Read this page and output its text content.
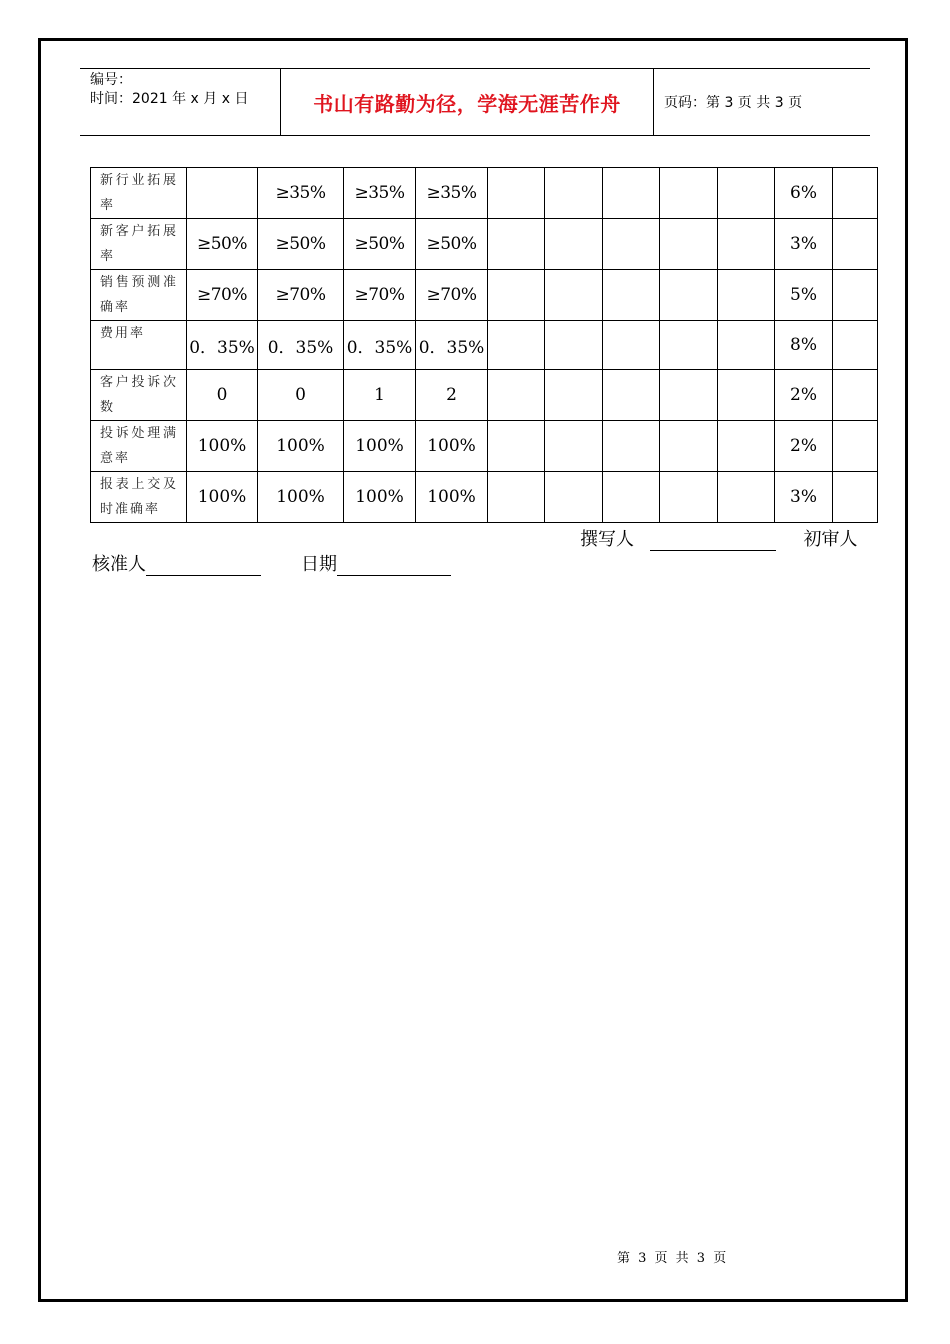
编号：
时间：2021 年 x 月 x 日	书山有路勤为径，学海无涯苦作舟	页码：第 3 页 共 3 页
新行业拓展率		≥35%	≥35%	≥35%						6%	
新客户拓展率	≥50%	≥50%	≥50%	≥50%						3%	
销售预测准确率	≥70%	≥70%	≥70%	≥70%						5%	
费用率	0．35%	0．35%	0．35%	0．35%						8%	
客户投诉次数	0	0	1	2						2%	
投诉处理满意率	100%	100%	100%	100%						2%	
报表上交及时准确率	100%	100%	100%	100%						3%	
撰写人	初审人
核准人	日期
第 3 页 共 3 页
